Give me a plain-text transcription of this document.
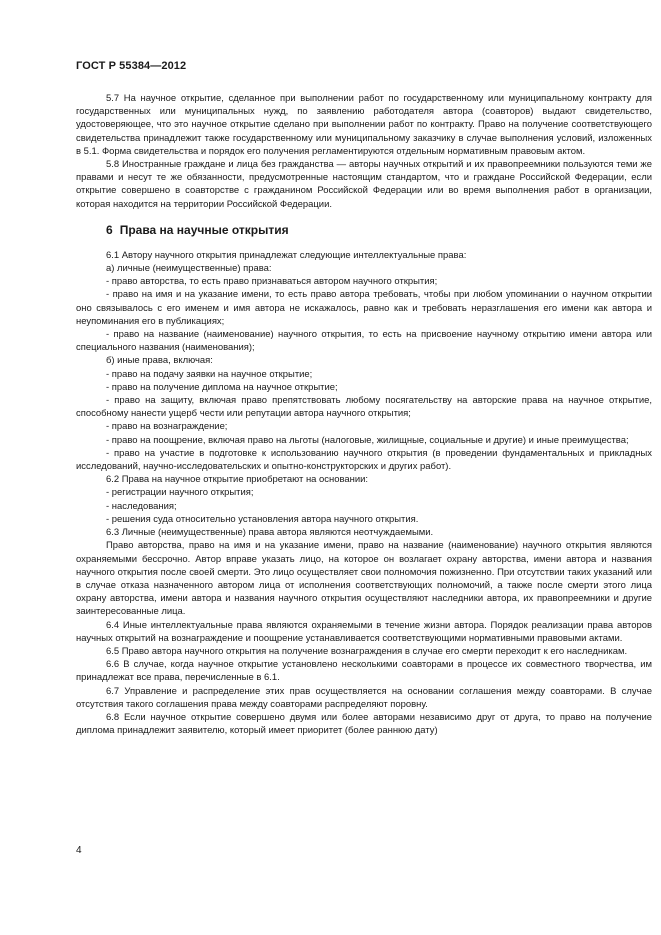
ГОСТ Р 55384—2012

5.7 На научное открытие, сделанное при выполнении работ по государственному или муниципальному контракту для государственных или муниципальных нужд, по заявлению работодателя автора (соавторов) выдают свидетельство, удостоверяющее, что это научное открытие сделано при выполнении работ по контракту. Право на получение соответствующего свидетельства принадлежит также государственному или муниципальному заказчику в случае выполнения условий, изложенных в 5.1. Форма свидетельства и порядок его получения регламентируются отдельным нормативным правовым актом.

5.8 Иностранные граждане и лица без гражданства — авторы научных открытий и их правопреемники пользуются теми же правами и несут те же обязанности, предусмотренные настоящим стандартом, что и граждане Российской Федерации, если открытие совершено в соавторстве с гражданином Российской Федерации или во время выполнения работ в организации, которая находится на территории Российской Федерации.

6 Права на научные открытия

6.1 Автору научного открытия принадлежат следующие интеллектуальные права:

а) личные (неимущественные) права:

- право авторства, то есть право признаваться автором научного открытия;

- право на имя и на указание имени, то есть право автора требовать, чтобы при любом упоминании о научном открытии оно связывалось с его именем и имя автора не искажалось, равно как и требовать неразглашения его имени как автора и неупоминания его в публикациях;

- право на название (наименование) научного открытия, то есть на присвоение научному открытию имени автора или специального названия (наименования);

б) иные права, включая:

- право на подачу заявки на научное открытие;

- право на получение диплома на научное открытие;

- право на защиту, включая право препятствовать любому посягательству на авторские права на научное открытие, способному нанести ущерб чести или репутации автора научного открытия;

- право на вознаграждение;

- право на поощрение, включая право на льготы (налоговые, жилищные, социальные и другие) и иные преимущества;

- право на участие в подготовке к использованию научного открытия (в проведении фундаментальных и прикладных исследований, научно-исследовательских и опытно-конструкторских и других работ).

6.2 Права на научное открытие приобретают на основании:

- регистрации научного открытия;

- наследования;

- решения суда относительно установления автора научного открытия.

6.3 Личные (неимущественные) права автора являются неотчуждаемыми.

Право авторства, право на имя и на указание имени, право на название (наименование) научного открытия являются охраняемыми бессрочно. Автор вправе указать лицо, на которое он возлагает охрану авторства, имени автора и названия научного открытия после своей смерти. Это лицо осуществляет свои полномочия пожизненно. При отсутствии таких указаний или в случае отказа назначенного автором лица от исполнения соответствующих полномочий, а также после смерти этого лица охрану авторства, имени автора и названия научного открытия осуществляют наследники автора, их правопреемники и другие заинтересованные лица.

6.4 Иные интеллектуальные права являются охраняемыми в течение жизни автора. Порядок реализации права авторов научных открытий на вознаграждение и поощрение устанавливается соответствующими нормативными правовыми актами.

6.5 Право автора научного открытия на получение вознаграждения в случае его смерти переходит к его наследникам.

6.6 В случае, когда научное открытие установлено несколькими соавторами в процессе их совместного творчества, им принадлежат все права, перечисленные в 6.1.

6.7 Управление и распределение этих прав осуществляется на основании соглашения между соавторами. В случае отсутствия такого соглашения права между соавторами распределяют поровну.

6.8 Если научное открытие совершено двумя или более авторами независимо друг от друга, то право на получение диплома принадлежит заявителю, который имеет приоритет (более раннюю дату)

4
